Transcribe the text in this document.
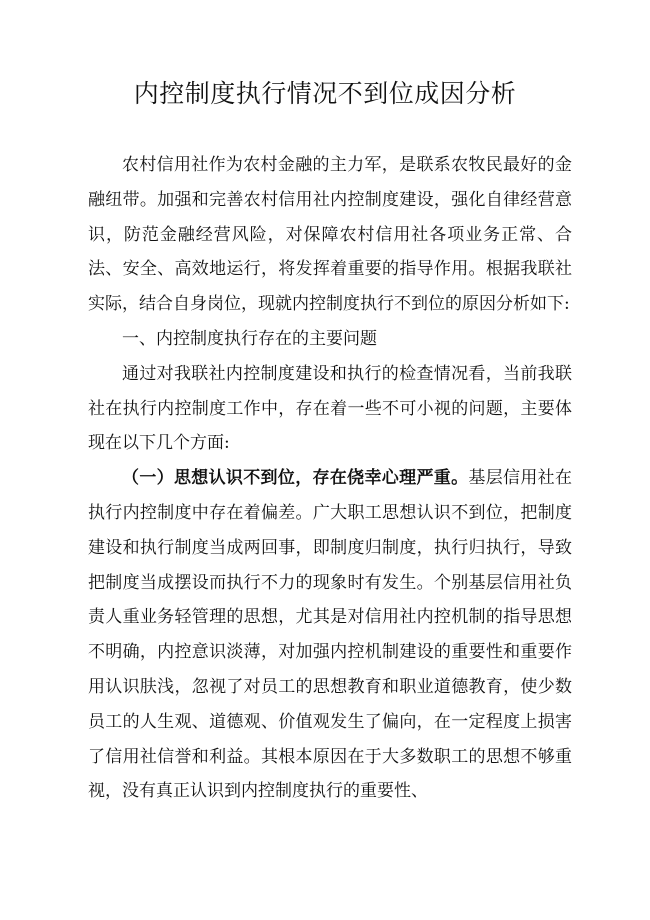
内控制度执行情况不到位成因分析

农村信用社作为农村金融的主力军，是联系农牧民最好的金融纽带。加强和完善农村信用社内控制度建设，强化自律经营意识，防范金融经营风险，对保障农村信用社各项业务正常、合法、安全、高效地运行，将发挥着重要的指导作用。根据我联社实际，结合自身岗位，现就内控制度执行不到位的原因分析如下:

一、内控制度执行存在的主要问题

通过对我联社内控制度建设和执行的检查情况看，当前我联社在执行内控制度工作中，存在着一些不可小视的问题，主要体现在以下几个方面:

（一）思想认识不到位，存在侥幸心理严重。基层信用社在执行内控制度中存在着偏差。广大职工思想认识不到位，把制度建设和执行制度当成两回事，即制度归制度，执行归执行，导致把制度当成摆设而执行不力的现象时有发生。个别基层信用社负责人重业务轻管理的思想，尤其是对信用社内控机制的指导思想不明确，内控意识淡薄，对加强内控机制建设的重要性和重要作用认识肤浅，忽视了对员工的思想教育和职业道德教育，使少数员工的人生观、道德观、价值观发生了偏向，在一定程度上损害了信用社信誉和利益。其根本原因在于大多数职工的思想不够重视，没有真正认识到内控制度执行的重要性、
